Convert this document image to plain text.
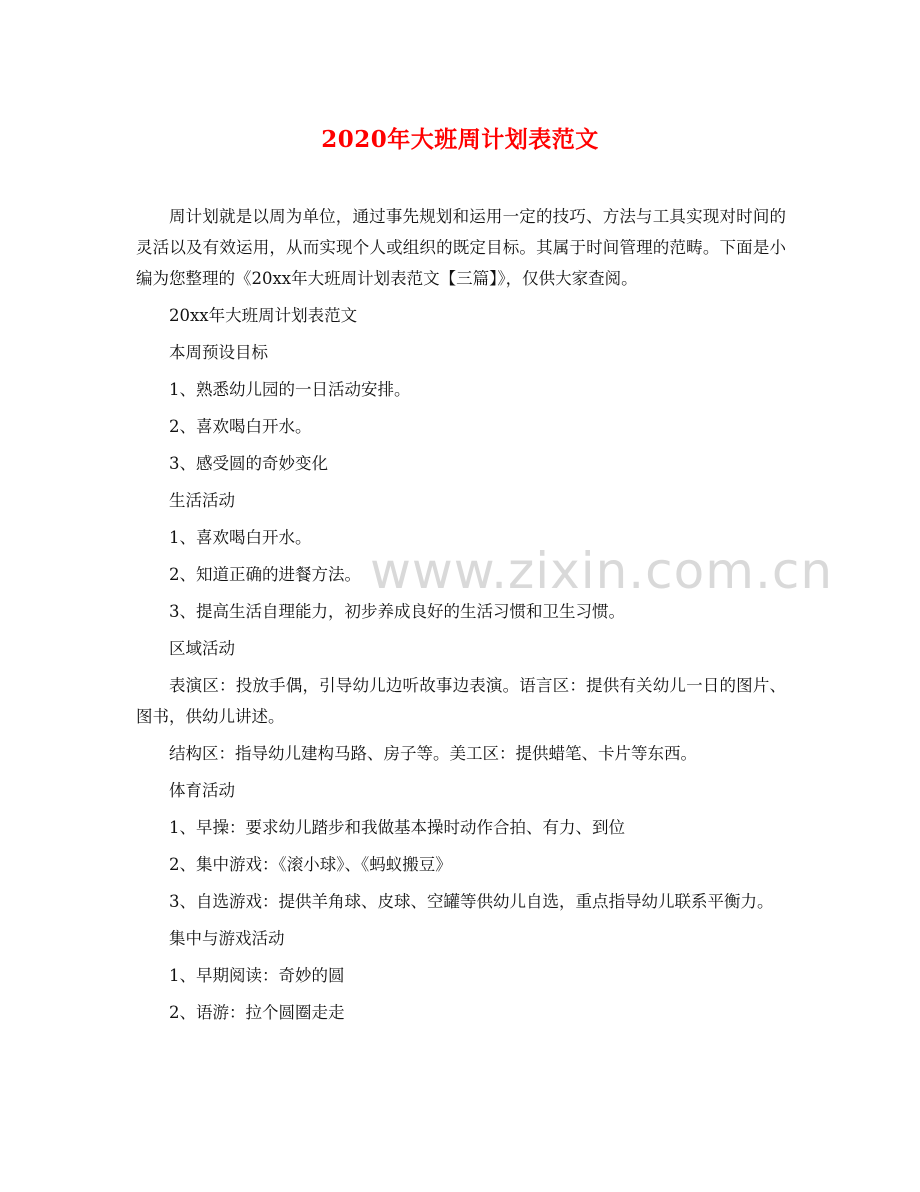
2020年大班周计划表范文

周计划就是以周为单位，通过事先规划和运用一定的技巧、方法与工具实现对时间的灵活以及有效运用，从而实现个人或组织的既定目标。其属于时间管理的范畴。下面是小编为您整理的《20xx年大班周计划表范文【三篇】》，仅供大家查阅。

20xx年大班周计划表范文

本周预设目标

1、熟悉幼儿园的一日活动安排。

2、喜欢喝白开水。

3、感受圆的奇妙变化

生活活动

1、喜欢喝白开水。

2、知道正确的进餐方法。

3、提高生活自理能力，初步养成良好的生活习惯和卫生习惯。

区域活动

表演区：投放手偶，引导幼儿边听故事边表演。语言区：提供有关幼儿一日的图片、图书，供幼儿讲述。

结构区：指导幼儿建构马路、房子等。美工区：提供蜡笔、卡片等东西。

体育活动

1、早操：要求幼儿踏步和我做基本操时动作合拍、有力、到位

2、集中游戏：《滚小球》、《蚂蚁搬豆》

3、自选游戏：提供羊角球、皮球、空罐等供幼儿自选，重点指导幼儿联系平衡力。

集中与游戏活动

1、早期阅读：奇妙的圆

2、语游：拉个圆圈走走

www.zixin.com.cn
